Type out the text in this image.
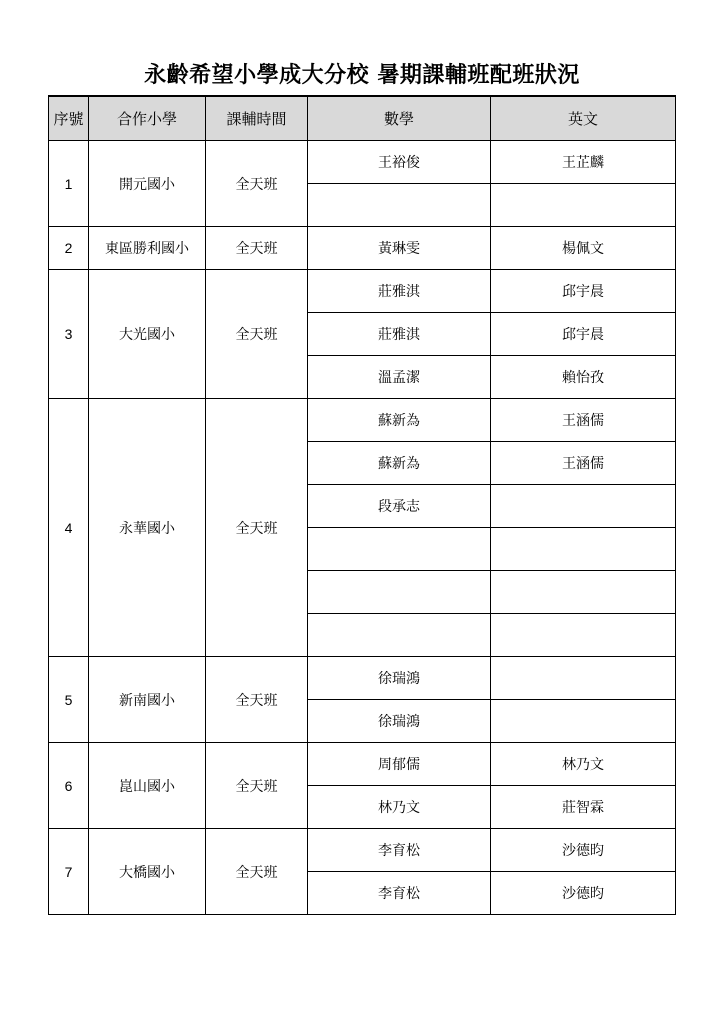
永齡希望小學成大分校 暑期課輔班配班狀況
序號	合作小學	課輔時間	數學	英文
1	開元國小	全天班	王裕俊	王芷麟

2	東區勝利國小	全天班	黃琳雯	楊佩文
3	大光國小	全天班	莊雅淇	邱宇晨
			莊雅淇	邱宇晨
			溫孟潔	賴怡孜
4	永華國小	全天班	蘇新為	王涵儒
			蘇新為	王涵儒
			段承志	

5	新南國小	全天班	徐瑞鴻	
			徐瑞鴻	
6	崑山國小	全天班	周郁儒	林乃文
			林乃文	莊智霖
7	大橋國小	全天班	李育松	沙德昀
			李育松	沙德昀
